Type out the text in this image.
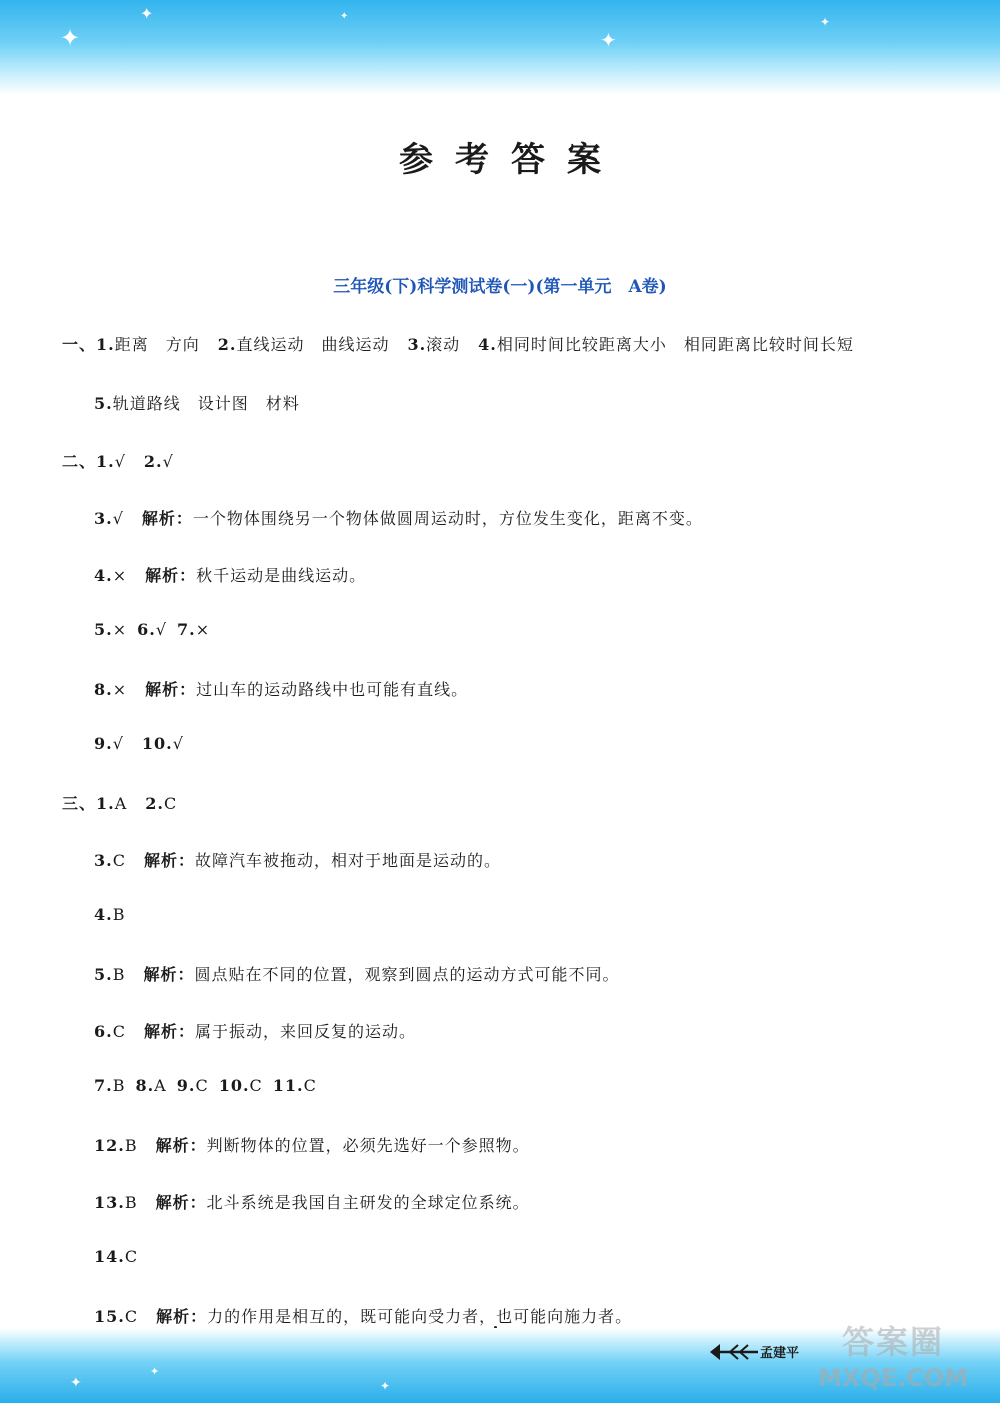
✦
✦	✦
✦	✦
参考答案
三年级(下)科学测试卷(一)(第一单元　A卷)
一、1.距离　方向 2.直线运动　曲线运动 3.滚动 4.相同时间比较距离大小　相同距离比较时间长短
5.轨道路线　设计图　材料
二、1.√ 2.√
3.√ 解析：一个物体围绕另一个物体做圆周运动时，方位发生变化，距离不变。
4.× 解析：秋千运动是曲线运动。
5.× 6.√ 7.×
8.× 解析：过山车的运动路线中也可能有直线。
9.√ 10.√
三、1.A 2.C
3.C 解析：故障汽车被拖动，相对于地面是运动的。
4.B
5.B 解析：圆点贴在不同的位置，观察到圆点的运动方式可能不同。
6.C 解析：属于振动，来回反复的运动。
7.B 8.A 9.C 10.C 11.C
12.B 解析：判断物体的位置，必须先选好一个参照物。
13.B 解析：北斗系统是我国自主研发的全球定位系统。
14.C
15.C 解析：力的作用是相互的，既可能向受力者，也可能向施力者。
✦
✦
✦
孟建平 答案圈
MXQE.COM
